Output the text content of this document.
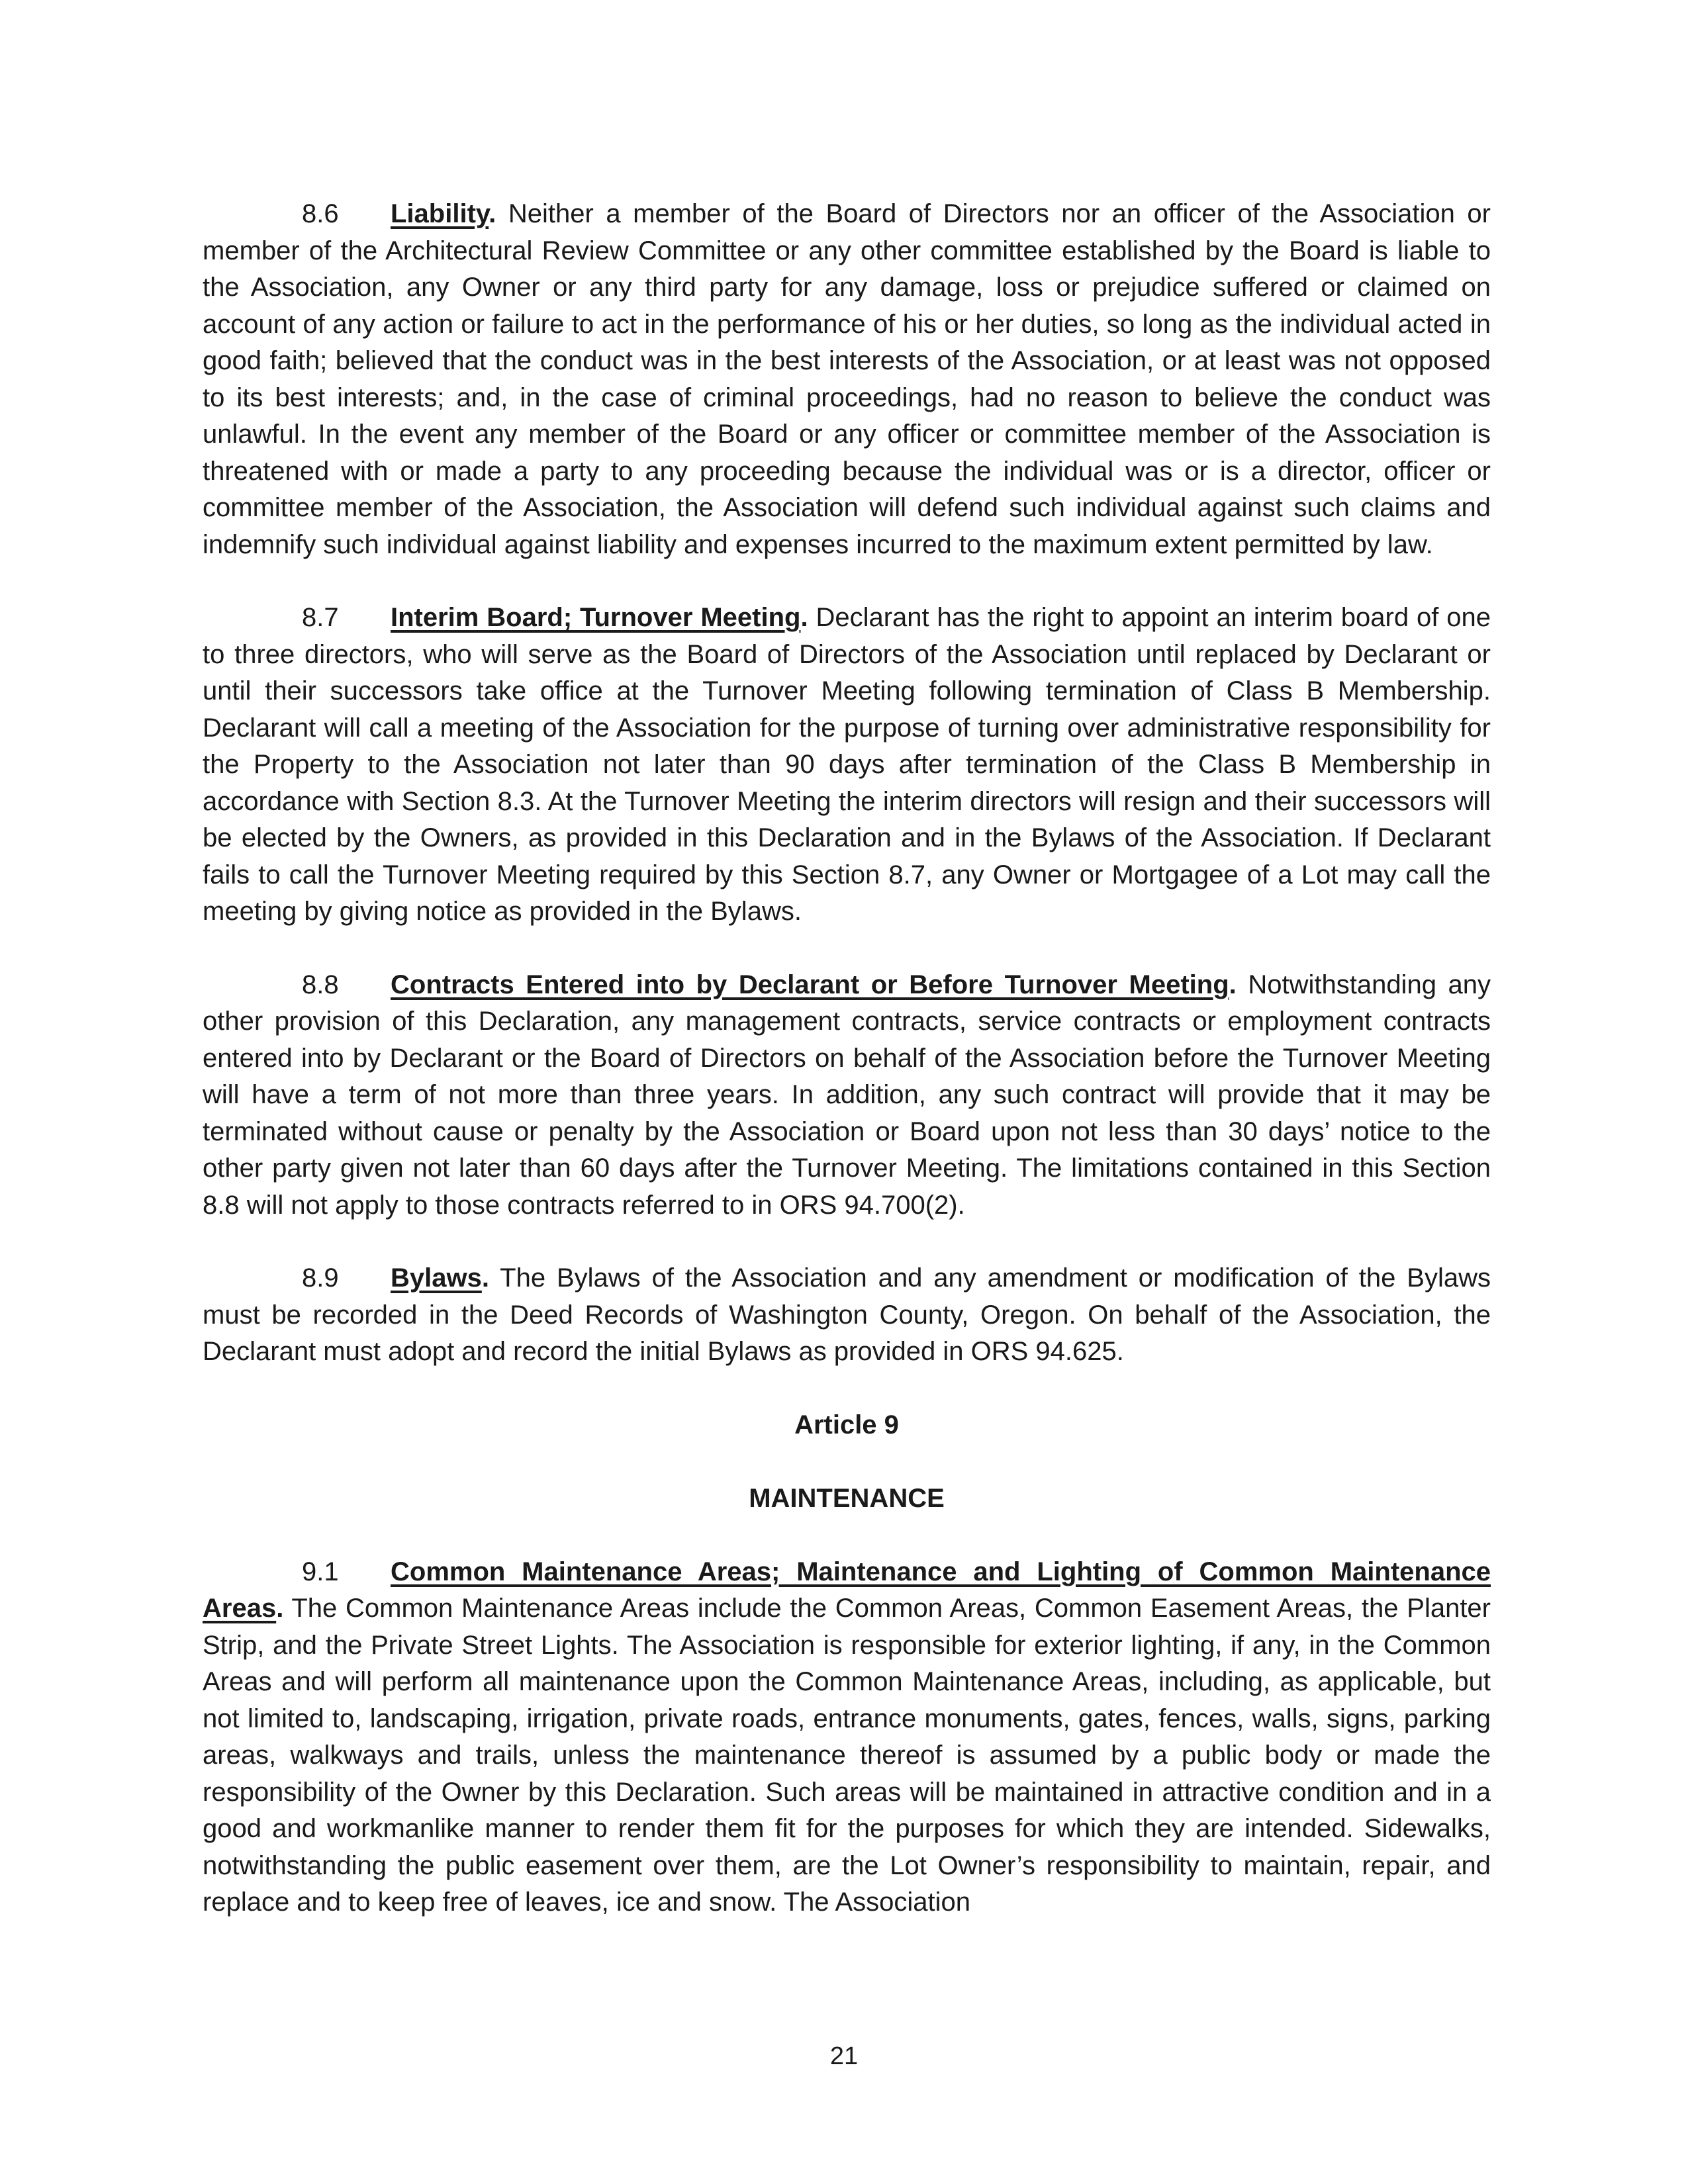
8.6 Liability. Neither a member of the Board of Directors nor an officer of the Association or member of the Architectural Review Committee or any other committee established by the Board is liable to the Association, any Owner or any third party for any damage, loss or prejudice suffered or claimed on account of any action or failure to act in the performance of his or her duties, so long as the individual acted in good faith; believed that the conduct was in the best interests of the Association, or at least was not opposed to its best interests; and, in the case of criminal proceedings, had no reason to believe the conduct was unlawful. In the event any member of the Board or any officer or committee member of the Association is threatened with or made a party to any proceeding because the individual was or is a director, officer or committee member of the Association, the Association will defend such individual against such claims and indemnify such individual against liability and expenses incurred to the maximum extent permitted by law.

8.7 Interim Board; Turnover Meeting. Declarant has the right to appoint an interim board of one to three directors, who will serve as the Board of Directors of the Association until replaced by Declarant or until their successors take office at the Turnover Meeting following termination of Class B Membership. Declarant will call a meeting of the Association for the purpose of turning over administrative responsibility for the Property to the Association not later than 90 days after termination of the Class B Membership in accordance with Section 8.3. At the Turnover Meeting the interim directors will resign and their successors will be elected by the Owners, as provided in this Declaration and in the Bylaws of the Association. If Declarant fails to call the Turnover Meeting required by this Section 8.7, any Owner or Mortgagee of a Lot may call the meeting by giving notice as provided in the Bylaws.

8.8 Contracts Entered into by Declarant or Before Turnover Meeting. Notwithstanding any other provision of this Declaration, any management contracts, service contracts or employment contracts entered into by Declarant or the Board of Directors on behalf of the Association before the Turnover Meeting will have a term of not more than three years. In addition, any such contract will provide that it may be terminated without cause or penalty by the Association or Board upon not less than 30 days’ notice to the other party given not later than 60 days after the Turnover Meeting. The limitations contained in this Section 8.8 will not apply to those contracts referred to in ORS 94.700(2).

8.9 Bylaws. The Bylaws of the Association and any amendment or modification of the Bylaws must be recorded in the Deed Records of Washington County, Oregon. On behalf of the Association, the Declarant must adopt and record the initial Bylaws as provided in ORS 94.625.

Article 9
MAINTENANCE

9.1 Common Maintenance Areas; Maintenance and Lighting of Common Maintenance Areas. The Common Maintenance Areas include the Common Areas, Common Easement Areas, the Planter Strip, and the Private Street Lights. The Association is responsible for exterior lighting, if any, in the Common Areas and will perform all maintenance upon the Common Maintenance Areas, including, as applicable, but not limited to, landscaping, irrigation, private roads, entrance monuments, gates, fences, walls, signs, parking areas, walkways and trails, unless the maintenance thereof is assumed by a public body or made the responsibility of the Owner by this Declaration. Such areas will be maintained in attractive condition and in a good and workmanlike manner to render them fit for the purposes for which they are intended. Sidewalks, notwithstanding the public easement over them, are the Lot Owner’s responsibility to maintain, repair, and replace and to keep free of leaves, ice and snow. The Association

21
